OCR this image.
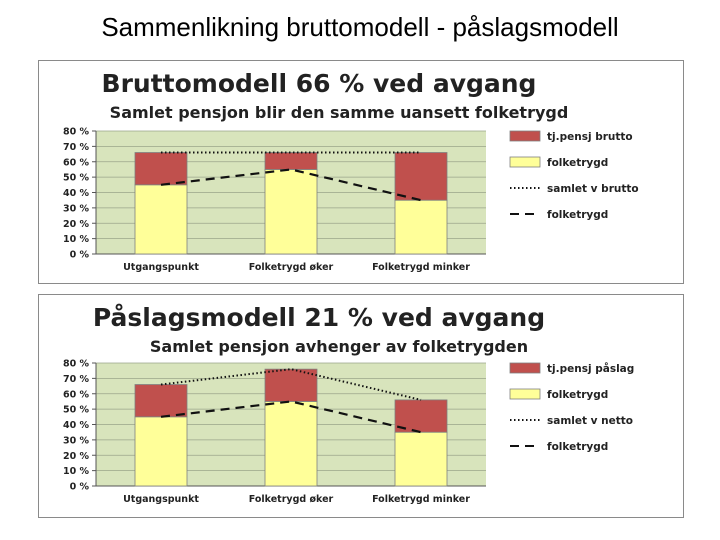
Sammenlikning bruttomodell - påslagsmodell
Bruttomodell 66 % ved avgang
Samlet pensjon blir den samme uansett folketrygd
0 %
10 %
20 %
30 %
40 %
50 %
60 %
70 %
80 %
Utgangspunkt	Folketrygd øker	Folketrygd minker
tj.pensj brutto
folketrygd
samlet v brutto
folketrygd
Påslagsmodell 21 % ved avgang
Samlet pensjon avhenger av folketrygden
0 %
10 %
20 %
30 %
40 %
50 %
60 %
70 %
80 %
Utgangspunkt	Folketrygd øker	Folketrygd minker
tj.pensj påslag
folketrygd
samlet v netto
folketrygd
